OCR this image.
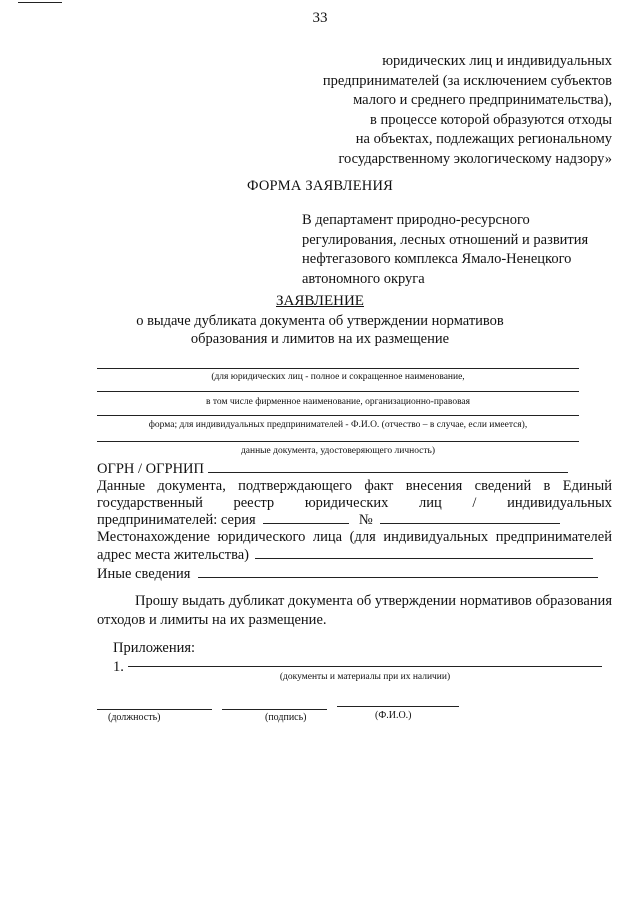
33
юридических лиц и индивидуальных
предпринимателей (за исключением субъектов
малого и среднего предпринимательства),
в процессе которой образуются отходы
на объектах, подлежащих региональному
государственному экологическому надзору»
ФОРМА ЗАЯВЛЕНИЯ
В департамент природно-ресурсного
регулирования, лесных отношений и развития
нефтегазового комплекса Ямало-Ненецкого
автономного округа
ЗАЯВЛЕНИЕ
о выдаче дубликата документа об утверждении нормативов
образования и лимитов на их размещение
(для юридических лиц - полное и сокращенное наименование,
в том числе фирменное наименование, организационно-правовая
форма; для индивидуальных предпринимателей - Ф.И.О. (отчество – в случае, если имеется),
данные документа, удостоверяющего личность)
ОГРН / ОГРНИП
Данные документа, подтверждающего факт внесения сведений в Единый
государственный реестр юридических лиц / индивидуальных
предпринимателей: серия	№
Местонахождение юридического лица (для индивидуальных предпринимателей
адрес места жительства)
Иные сведения
Прошу выдать дубликат документа об утверждении нормативов образования отходов и лимиты на их размещение.
Приложения:
1.
(документы и материалы при их наличии)
(должность)	(подпись)	(Ф.И.О.)
